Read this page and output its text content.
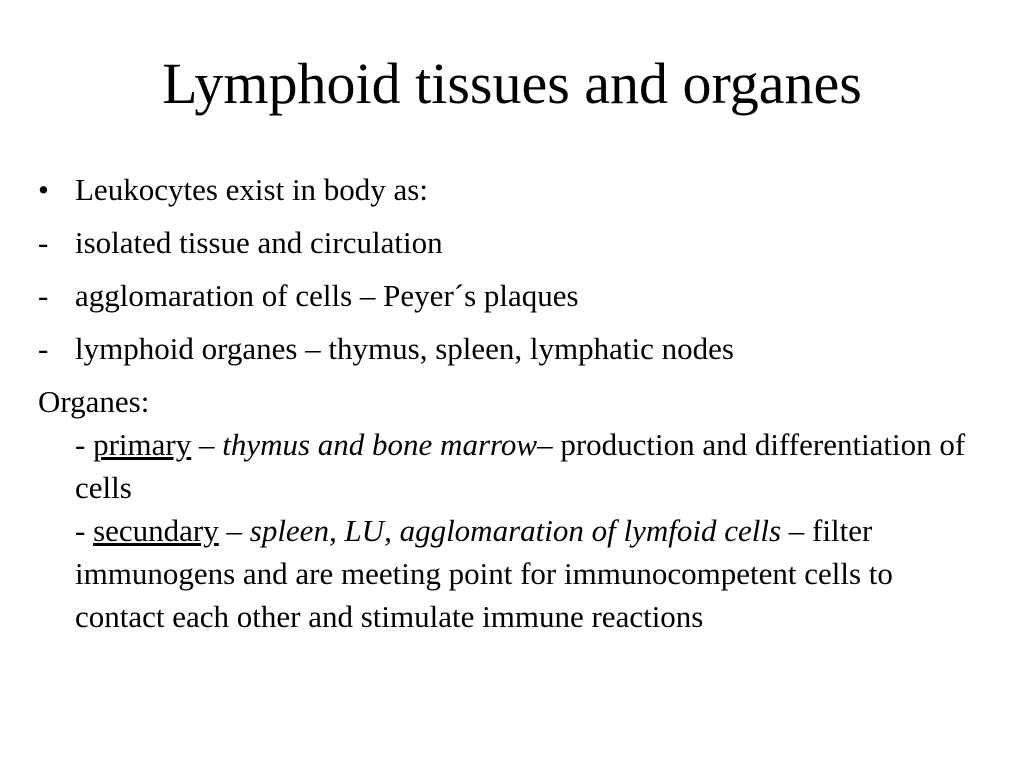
Lymphoid tissues and organes
• Leukocytes exist in body as:
- isolated tissue and circulation
- agglomaration of cells – Peyer´s plaques
- lymphoid organes – thymus, spleen, lymphatic nodes
Organes:
- primary – thymus and bone marrow– production and differentiation of cells
- secundary – spleen, LU, agglomaration of lymfoid cells – filter immunogens and are meeting point for immunocompetent cells to contact each other and stimulate immune reactions
